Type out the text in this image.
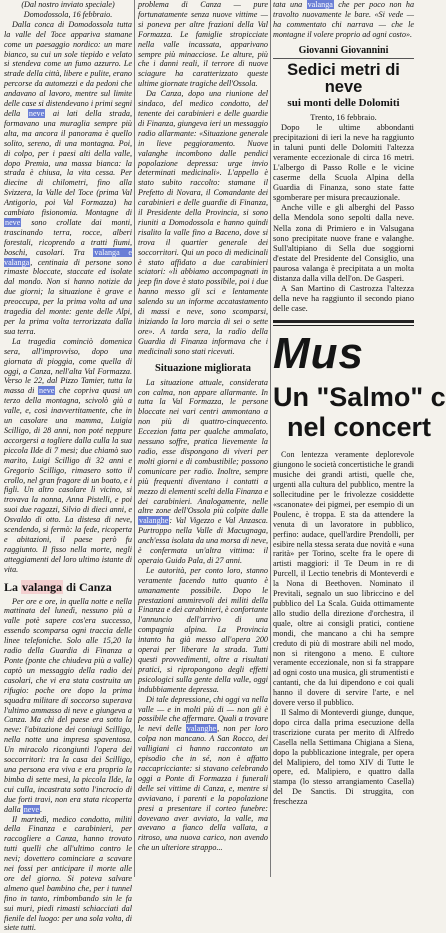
(Dal nostro inviato speciale)

Domodossola, 16 febbraio.

Dalla conca di Domodossola tutta la valle del Toce appariva stamane come un paesaggio nordico: un mare bianco, su cui un sole tiepido e velato si stendeva come un fumo azzurro. Le strade della città, libere e pulite, erano percorse da automezzi e da pedoni che andavano al lavoro, mentre sul limite delle case si distendevano i primi segni della neve ai lati della strada, formavano una muraglia sempre più alta, ma ancora il panorama è quello solito, sereno, di una montagna. Poi, di colpo, per i paesi alti della valle, dopo Premia, una massa bianca: la strada è chiusa, la vita cessa. Per diecine di chilometri, fino alla Svizzera, la Valle del Toce (prima Val Antigorio, poi Val Formazza) ha cambiato fisionomia. Montagne di neve sono crollate dai monti, trascinando terra, rocce, alberi forestali, ricoprendo a tratti fiumi, boschi, casolari. Tra valanga e valanga, centinaia di persone sono rimaste bloccate, staccate ed isolate dal mondo. Non si hanno notizie da due giorni; la situazione è grave e preoccupa, per la prima volta ad una tragedia del monte: gente delle Alpi, per la prima volta terrorizzata dalla sua terra.

La tragedia cominciò domenica sera, all'improvviso, dopo una giornata di pioggia, come quella di oggi, a Canza, nell'alta Val Formazza. Verso le 22, dal Pizzo Tamier, tutta la massa di neve che copriva quasi un terzo della montagna, scivolò giù a valle, e, così inavvertitamente, che in un casolare una mamma, Luigia Scilligo, di 28 anni, non poté neppure accorgersi a togliere dalla culla la sua piccola Ilde di 7 mesi; due chiamò suo marito, Luigi Scilligo di 32 anni e Gregorio Scilligo, rimasero sotto il crollo, nel gran fragore di un boato, e i figli. Un altro casolare lì vicino, si trovava la nonna, Anna Pistelli, e poi suoi due ragazzi, Silvio di dieci anni, e Osvaldo di otto. La distesa di neve, scendendo, si fermò: la fede, ricoperta e abitazioni, il paese però fu raggiunto. Il fisso nella morte, negli atteggiamenti del loro ultimo istante di vita.

La valanga di Canza

Per ore e ore, in quella notte e nella mattinata del lunedì, nessuno più a valle potè sapere cos'era successo, essendo scomparsa ogni traccia delle linee telefoniche. Solo alle 15,20 la radio della Guardia di Finanza a Ponte (ponte che chiudeva più a valle) captò un messaggio della radio dei casolari, che vi era stata costruita un rifugio: poche ore dopo la prima squadra militare di soccorso superava l'ultimo ammasso di neve e giungeva a Canza. Ma chi del paese era sotto la neve: l'abitazione dei coniugi Scilligo, nella notte una impresa spaventosa. Un miracolo ricongiunti l'opera dei soccorritori: tra la casa dei Scilligo, una persona era viva e era proprio la bimba di sette mesi, la piccola Ilde, la cui culla, incastrata sotto l'incrocio di due forti travi, non era stata ricoperta dalla neve.

Il martedì, medico condotto, militi della Finanza e carabinieri, per raccogliere a Canza, hanno trovato tutti quelli che all'ultimo contro le nevi; dovettero cominciare a scavare nei fossi per anticipare il morte alle ore del giorno. Si poteva salvare almeno quel bambino che, per i tunnel fino in tanto, rimbombando sin le fa sui muri, piedi rimasti schiacciati dal fienile del luogo: per una sola volta, di siete tutti.

problema di Canza — pure fortunatamente senza nuove vittime — si poneva per altre frazioni della Val Formazza. Le famiglie stropicciate nella valle incassata, apparivano sempre più minacciose. Le alture, più che i danni reali, il terrore di nuove sciagure ha caratterizzato queste ultime giornate tragiche dell'Ossola.

Da Canza, dopo una riunione del sindaco, del medico condotto, del tenente dei carabinieri e delle guardie di Finanza, giungeva ieri un messaggio radio allarmante: «Situazione generale in lieve peggioramento. Nuove valanghe incombono dalle pendici popolazione depressa: urge invio determinati medicinali». L'appello è stato subito raccolto: stamane il Prefetto di Novara, il Comandante dei carabinieri e delle guardie di Finanza, il Presidente della Provincia, si sono riuniti a Domodossola e hanno quindi risalito la valle fino a Baceno, dove si trova il quartier generale dei soccorritori. Qui un poco di medicinali è stato affidato a due carabinieri sciatori: «li abbiamo accompagnati in jeep fin dove è stato possibile, poi i due hanno messo gli sci e lentamente salendo su un informe accatastamento di massi e neve, sono scomparsi, iniziando la loro marcia di sei o sette ore». A tarda sera, la radio della Guardia di Finanza informava che i medicinali sono stati ricevuti.

Situazione migliorata

La situazione attuale, considerata con calma, non appare allarmante. In tutta la Val Formazza, le persone bloccate nei vari centri ammontano a non più di quattro-cinquecento. Eccezion fatta per qualche ammalato, nessuno soffre, pratica lievemente la radio, esse dispongono di viveri per molti giorni e di combustibile; possono comunicare per radio. Inoltre, sempre più frequenti diventano i contatti a mezzo di elementi scelti della Finanza e dei carabinieri. Analogamente, nelle altre zone dell'Ossola più colpite dalle valanghe: Val Vigezzo e Val Anzasca. Purtroppo nella Valle di Macugnaga, anch'essa isolata da una morsa di neve, è confermata un'altra vittima: il operaio Guido Pala, di 27 anni.

Le autorità, per conto loro, stanno veramente facendo tutto quanto è umanamente possibile. Dopo le prestazioni ammirevoli dei militi della Finanza e dei carabinieri, è confortante l'annuncio dell'arrivo di una compagnia alpina. La Provincia intanto ha già messo all'opera 200 operai per liberare la strada. Tutti questi provvedimenti, oltre a risultati pratici, si ripropongono degli effetti psicologici sulla gente della valle, oggi indubbiamente depressa.

Di tale depressione, chi oggi va nella valle — e in molti più di — non gli è possibile che affermare. Quali a trovare le nevi delle valanghe, non per loro colpa non mancano. A San Rocco, dei valligiani ci hanno raccontato un episodio che in sé, non è affatto raccapricciante: si stavano celebrando oggi a Ponte di Formazza i funerali delle sei vittime di Canza, e, mentre si avviavano, i parenti e la popolazione presi a presentare il corteo funebre: dovevano aver avviato, la valle, ma avevano a fianco della vallata, a ritroso, una nuova carico, non avendo che un ulteriore strappo...

tata una valanga che per poco non ha travolto nuovamente le bare. «Si vede — ha commentato chi narrava — che le montagne il volere proprio ad ogni costo».

Giovanni Giovannini
Sedici metri di neve
sui monti delle Dolomiti

Trento, 16 febbraio.

Dopo le ultime abbondanti precipitazioni di ieri la neve ha raggiunto in taluni punti delle Dolomiti l'altezza veramente eccezionale di circa 16 metri. L'albergo di Passo Rolle e le vicine caserme della Scuola Alpina della Guardia di Finanza, sono state fatte sgomberare per misura precauzionale.

Anche ville e gli alberghi del Passo della Mendola sono sepolti dalla neve. Nella zona di Primiero e in Valsugana sono precipitate nuove frane e valanghe. Sull'altipiano di Sella due soggiorni d'estate del Presidente del Consiglio, una paurosa valanga è precipitata a un molta distanza dalla villa dell'on. De Gasperi.

A San Martino di Castrozza l'altezza della neve ha raggiunto il secondo piano delle case.

Mus
Un "Salmo" c
nel concert

Con lentezza veramente deplorevole giungono le società concertistiche le grandi musiche dei grandi artisti, quelle che, urgenti alla cultura del pubblico, mentre la sollecitudine per le frivolezze cosiddette «scanonate» dei pigmei, per esempio di un Poulenc, è troppa. E sta da attendere la venuta di un lavoratore in pubblico, perfino: audace, quell'ardire Prendolli, per esibire nella stessa serata due novità e «una rarità» per Torino, scelte fra le opere di artisti maggiori: il Te Deum in re di Purcell, il Lectio tenebris di Monteverdi e la Nona di Beethoven. Nominato il Previtali, segnalo un suo libriccino e del pubblico del La Scala. Guida ottimamente allo studio della direzione d'orchestra, il quale, oltre ai consigli pratici, contiene mondi, che mancano a chi ha sempre creduto di più di mostrare abili nel modo, non si ritengono a meno. E cultore veramente eccezionale, non si fa strappare ad ogni costo una musica, gli strumentisti e cantanti, che da lui dipendono e coi quali hanno il dovere di servire l'arte, e nel dovere verso il pubblico.

Il Salmo di Monteverdi giunge, dunque, dopo circa dalla prima esecuzione della trascrizione curata per merito di Alfredo Casella nella Settimana Chigiana a Siena, dopo la pubblicazione integrale, per opera del Malipiero, del tomo XIV di Tutte le opere, ed. Malipiero, e quattro dalla stampa (lo stesso arrangiamento Casella) del De Sanctis. Di struggita, con freschezza
